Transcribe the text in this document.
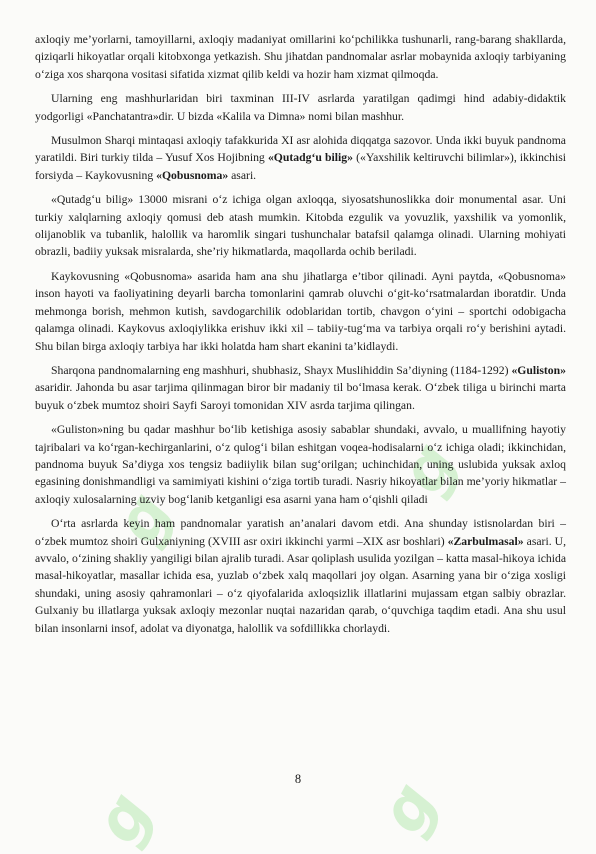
g	g
g
g

axloqiy me’yorlarni, tamoyillarni, axloqiy madaniyat omillarini ko‘pchilikka tushunarli, rang-barang shakllarda, qiziqarli hikoyatlar orqali kitobxonga yetkazish. Shu jihatdan pandnomalar asrlar mobaynida axloqiy tarbiyaning o‘ziga xos sharqona vositasi sifatida xizmat qilib keldi va hozir ham xizmat qilmoqda.

Ularning eng mashhurlaridan biri taxminan III-IV asrlarda yaratilgan qadimgi hind adabiy-didaktik yodgorligi «Panchatantra»dir. U bizda «Kalila va Dimna» nomi bilan mashhur.

Musulmon Sharqi mintaqasi axloqiy tafakkurida XI asr alohida diqqatga sazovor. Unda ikki buyuk pandnoma yaratildi. Biri turkiy tilda – Yusuf Xos Hojibning «Qutadg‘u bilig» («Yaxshilik keltiruvchi bilimlar»), ikkinchisi forsiyda – Kaykovusning «Qobusnoma» asari.

«Qutadg‘u bilig» 13000 misrani o‘z ichiga olgan axloqqa, siyosatshunoslikka doir monumental asar. Uni turkiy xalqlarning axloqiy qomusi deb atash mumkin. Kitobda ezgulik va yovuzlik, yaxshilik va yomonlik, olijanoblik va tubanlik, halollik va haromlik singari tushunchalar batafsil qalamga olinadi. Ularning mohiyati obrazli, badiiy yuksak misralarda, she’riy hikmatlarda, maqollarda ochib beriladi.

Kaykovusning «Qobusnoma» asarida ham ana shu jihatlarga e’tibor qilinadi. Ayni paytda, «Qobusnoma» inson hayoti va faoliyatining deyarli barcha tomonlarini qamrab oluvchi o‘git-ko‘rsatmalardan iboratdir. Unda mehmonga borish, mehmon kutish, savdogarchilik odoblaridan tortib, chavgon o‘yini – sportchi odobigacha qalamga olinadi. Kaykovus axloqiylikka erishuv ikki xil – tabiiy-tug‘ma va tarbiya orqali ro‘y berishini aytadi. Shu bilan birga axloqiy tarbiya har ikki holatda ham shart ekanini ta’kidlaydi.

Sharqona pandnomalarning eng mashhuri, shubhasiz, Shayx Muslihiddin Sa’diyning (1184-1292) «Guliston» asaridir. Jahonda bu asar tarjima qilinmagan biror bir madaniy til bo‘lmasa kerak. O‘zbek tiliga u birinchi marta buyuk o‘zbek mumtoz shoiri Sayfi Saroyi tomonidan XIV asrda tarjima qilingan.

«Guliston»ning bu qadar mashhur bo‘lib ketishiga asosiy sabablar shundaki, avvalo, u muallifning hayotiy tajribalari va ko‘rgan-kechirganlarini, o‘z qulog‘i bilan eshitgan voqea-hodisalarni o‘z ichiga oladi; ikkinchidan, pandnoma buyuk Sa’diyga xos tengsiz badiiylik bilan sug‘orilgan; uchinchidan, uning uslubida yuksak axloq egasining donishmandligi va samimiyati kishini o‘ziga tortib turadi. Nasriy hikoyatlar bilan me’yoriy hikmatlar – axloqiy xulosalarning uzviy bog‘lanib ketganligi esa asarni yana ham o‘qishli qiladi

O‘rta asrlarda keyin ham pandnomalar yaratish an’analari davom etdi. Ana shunday istisnolardan biri – o‘zbek mumtoz shoiri Gulxaniyning (XVIII asr oxiri ikkinchi yarmi –XIX asr boshlari) «Zarbulmasal» asari. U, avvalo, o‘zining shakliy yangiligi bilan ajralib turadi. Asar qoliplash usulida yozilgan – katta masal-hikoya ichida masal-hikoyatlar, masallar ichida esa, yuzlab o‘zbek xalq maqollari joy olgan. Asarning yana bir o‘ziga xosligi shundaki, uning asosiy qahramonlari – o‘z qiyofalarida axloqsizlik illatlarini mujassam etgan salbiy obrazlar. Gulxaniy bu illatlarga yuksak axloqiy mezonlar nuqtai nazaridan qarab, o‘quvchiga taqdim etadi. Ana shu usul bilan insonlarni insof, adolat va diyonatga, halollik va sofdillikka chorlaydi.

8
